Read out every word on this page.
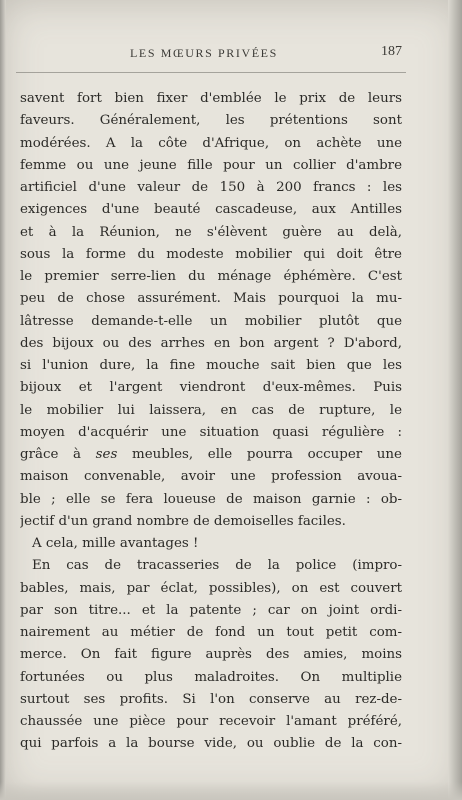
LES MŒURS PRIVÉES	187
savent fort bien fixer d'emblée le prix de leurs
faveurs. Généralement, les prétentions sont
modérées. A la côte d'Afrique, on achète une
femme ou une jeune fille pour un collier d'ambre
artificiel d'une valeur de 150 à 200 francs : les
exigences d'une beauté cascadeuse, aux Antilles
et à la Réunion, ne s'élèvent guère au delà,
sous la forme du modeste mobilier qui doit être
le premier serre-lien du ménage éphémère. C'est
peu de chose assurément. Mais pourquoi la mu-
lâtresse demande-t-elle un mobilier plutôt que
des bijoux ou des arrhes en bon argent ? D'abord,
si l'union dure, la fine mouche sait bien que les
bijoux et l'argent viendront d'eux-mêmes. Puis
le mobilier lui laissera, en cas de rupture, le
moyen d'acquérir une situation quasi régulière :
grâce à ses meubles, elle pourra occuper une
maison convenable, avoir une profession avoua-
ble ; elle se fera loueuse de maison garnie : ob-
jectif d'un grand nombre de demoiselles faciles.
A cela, mille avantages !
En cas de tracasseries de la police (impro-
bables, mais, par éclat, possibles), on est couvert
par son titre... et la patente ; car on joint ordi-
nairement au métier de fond un tout petit com-
merce. On fait figure auprès des amies, moins
fortunées ou plus maladroites. On multiplie
surtout ses profits. Si l'on conserve au rez-de-
chaussée une pièce pour recevoir l'amant préféré,
qui parfois a la bourse vide, ou oublie de la con-
